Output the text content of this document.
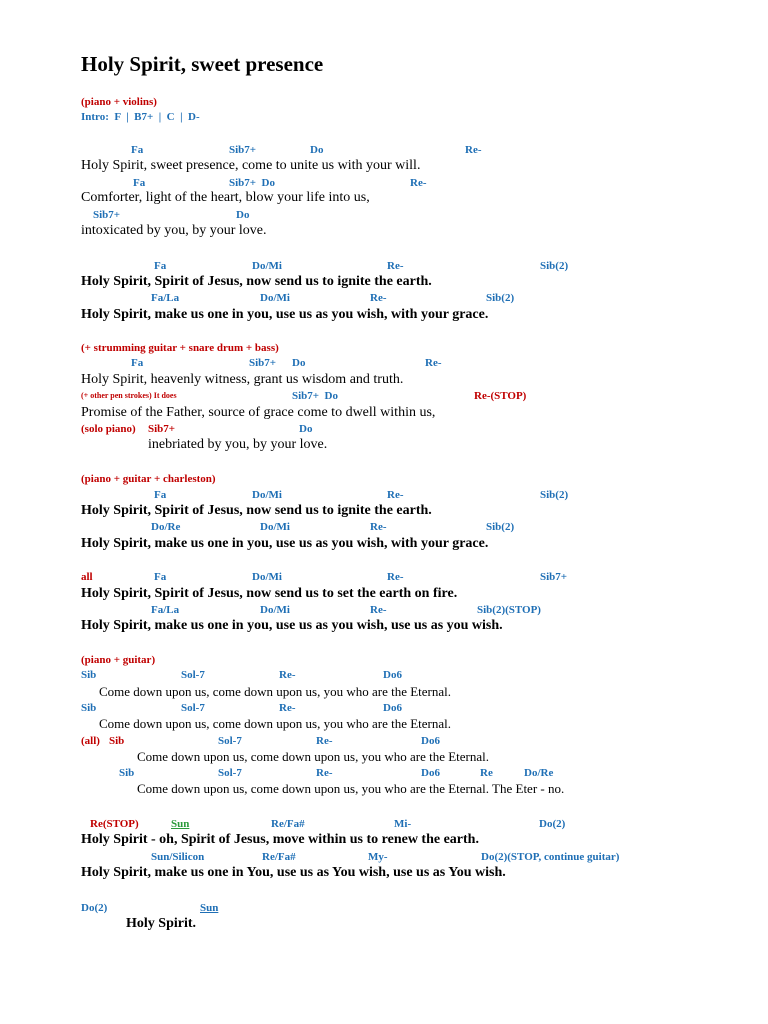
Holy Spirit, sweet presence
(piano + violins)
Intro:  F  |  B7+  |  C  |  D-
Fa	Sib7+	Do	Re-
Holy Spirit, sweet presence, come to unite us with your will.
Fa	Sib7+  Do	Re-
Comforter, light of the heart, blow your life into us,
Sib7+	Do
intoxicated by you, by your love.
Fa	Do/Mi	Re-	Sib(2)
Holy Spirit, Spirit of Jesus, now send us to ignite the earth.
Fa/La	Do/Mi	Re-	Sib(2)
Holy Spirit, make us one in you, use us as you wish, with your grace.
(+ strumming guitar + snare drum + bass)
Fa	Sib7+ Do	Re-
Holy Spirit, heavenly witness, grant us wisdom and truth.
(+ other pen strokes) It does	Sib7+  Do	Re-(STOP)
Promise of the Father, source of grace come to dwell within us,
(solo piano) Sib7+	Do
inebriated by you, by your love.
(piano + guitar + charleston)
Fa	Do/Mi	Re-	Sib(2)
Holy Spirit, Spirit of Jesus, now send us to ignite the earth.
Do/Re	Do/Mi	Re-	Sib(2)
Holy Spirit, make us one in you, use us as you wish, with your grace.
all	Fa	Do/Mi	Re-	Sib7+
Holy Spirit, Spirit of Jesus, now send us to set the earth on fire.
Fa/La	Do/Mi	Re-	Sib(2)(STOP)
Holy Spirit, make us one in you, use us as you wish, use us as you wish.
(piano + guitar)
Sib	Sol-7	Re-	Do6
Come down upon us, come down upon us, you who are the Eternal.
Sib	Sol-7	Re-	Do6
Come down upon us, come down upon us, you who are the Eternal.
(all) Sib	Sol-7	Re-	Do6
Come down upon us, come down upon us, you who are the Eternal.
Sib	Sol-7	Re-	Do6	Re	Do/Re
Come down upon us, come down upon us, you who are the Eternal. The Eter - no.
Re(STOP)	Sun	Re/Fa#	Mi-	Do(2)
Holy Spirit - oh, Spirit of Jesus, move within us to renew the earth.
Sun/Silicon	Re/Fa#	My-	Do(2)(STOP, continue guitar)
Holy Spirit, make us one in You, use us as You wish, use us as You wish.
Do(2)	Sun
Holy Spirit.
